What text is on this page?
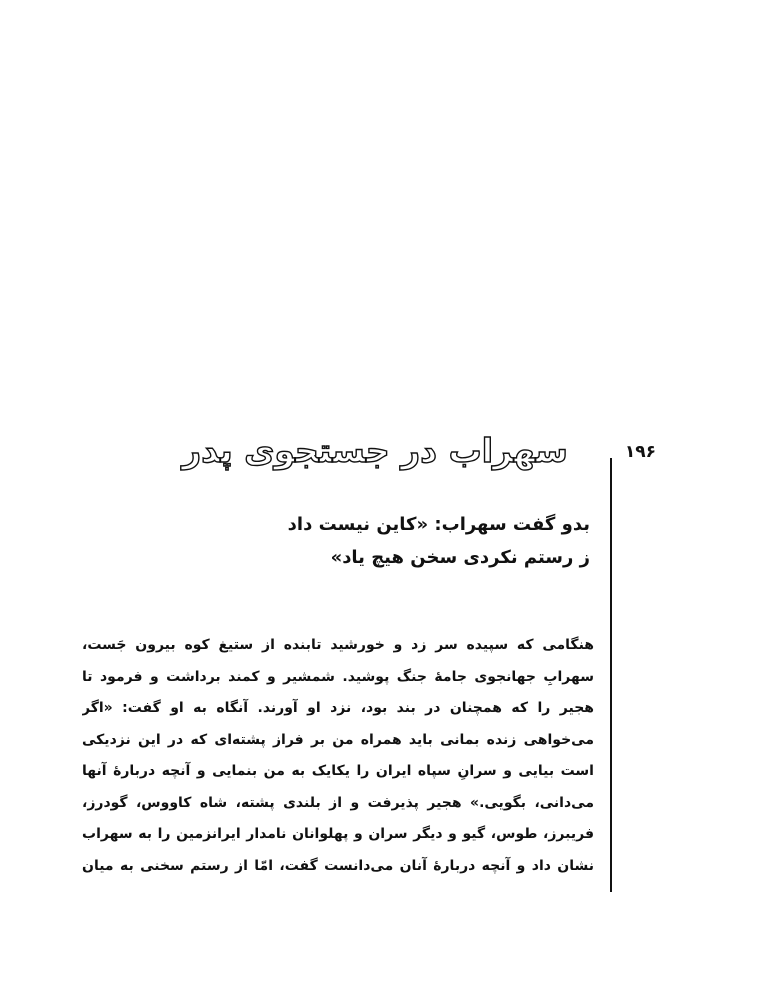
۱۹۶
سهراب در جستجوی پدر
بدو گفت سهراب: «کاین نیست داد
ز رستم نکردی سخن هیچ یاد»
هنگامی که سپیده سر زد و خورشید تابنده از ستیغ کوه بیرون جَست،
سهرابِ جهانجوی جامهٔ جنگ پوشید. شمشیر و کمند برداشت و فرمود تا
هجیر را که همچنان در بند بود، نزد او آورند. آنگاه به او گفت: «اگر
می‌خواهی زنده بمانی باید همراه من بر فراز پشته‌ای که در این نزدیکی
است بیایی و سرانِ سپاه ایران را یکایک به من بنمایی و آنچه دربارهٔ آنها
می‌دانی، بگویی.» هجیر پذیرفت و از بلندی پشته، شاه کاووس، گودرز،
فریبرز، طوس، گیو و دیگر سران و پهلوانان نامدار ایرانزمین را به سهراب
نشان داد و آنچه دربارهٔ آنان می‌دانست گفت، امّا از رستم سخنی به میان
